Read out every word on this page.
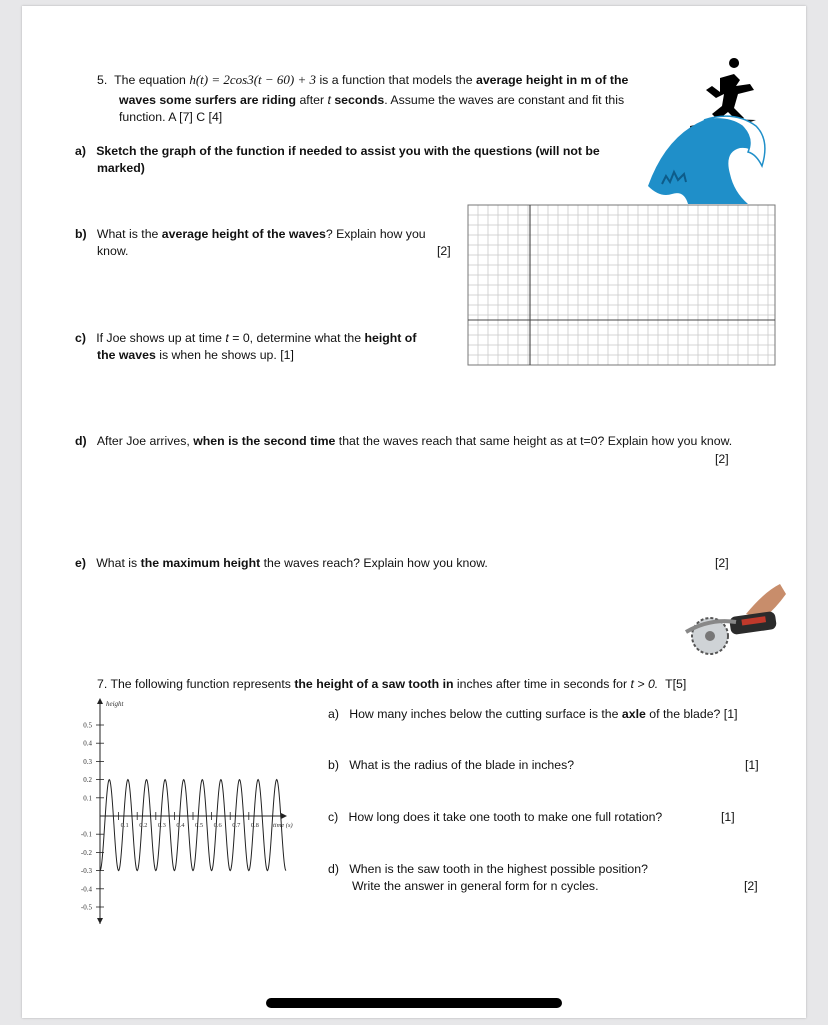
5. The equation h(t) = 2cos3(t − 60) + 3 is a function that models the average height in m of the
waves some surfers are riding after t seconds. Assume the waves are constant and fit this
function. A [7] C [4]
a) Sketch the graph of the function if needed to assist you with the questions (will not be
marked)
b) What is the average height of the waves? Explain how you
know.	[2]
c) If Joe shows up at time t = 0, determine what the height of
the waves is when he shows up. [1]
d) After Joe arrives, when is the second time that the waves reach that same height as at t=0? Explain how you know.
[2]
e) What is the maximum height the waves reach? Explain how you know.	[2]
7. The following function represents the height of a saw tooth in inches after time in seconds for t > 0. T[5]
height
0.5
0.4
0.3
0.2
0.1
-0.1
-0.2
-0.3
-0.4
-0.5
0.1 0.2 0.3 0.4 0.5 0.6 0.7 0.8 time (s)
a) How many inches below the cutting surface is the axle of the blade? [1]
b) What is the radius of the blade in inches?	[1]
c) How long does it take one tooth to make one full rotation?	[1]
d) When is the saw tooth in the highest possible position?
Write the answer in general form for n cycles.	[2]
